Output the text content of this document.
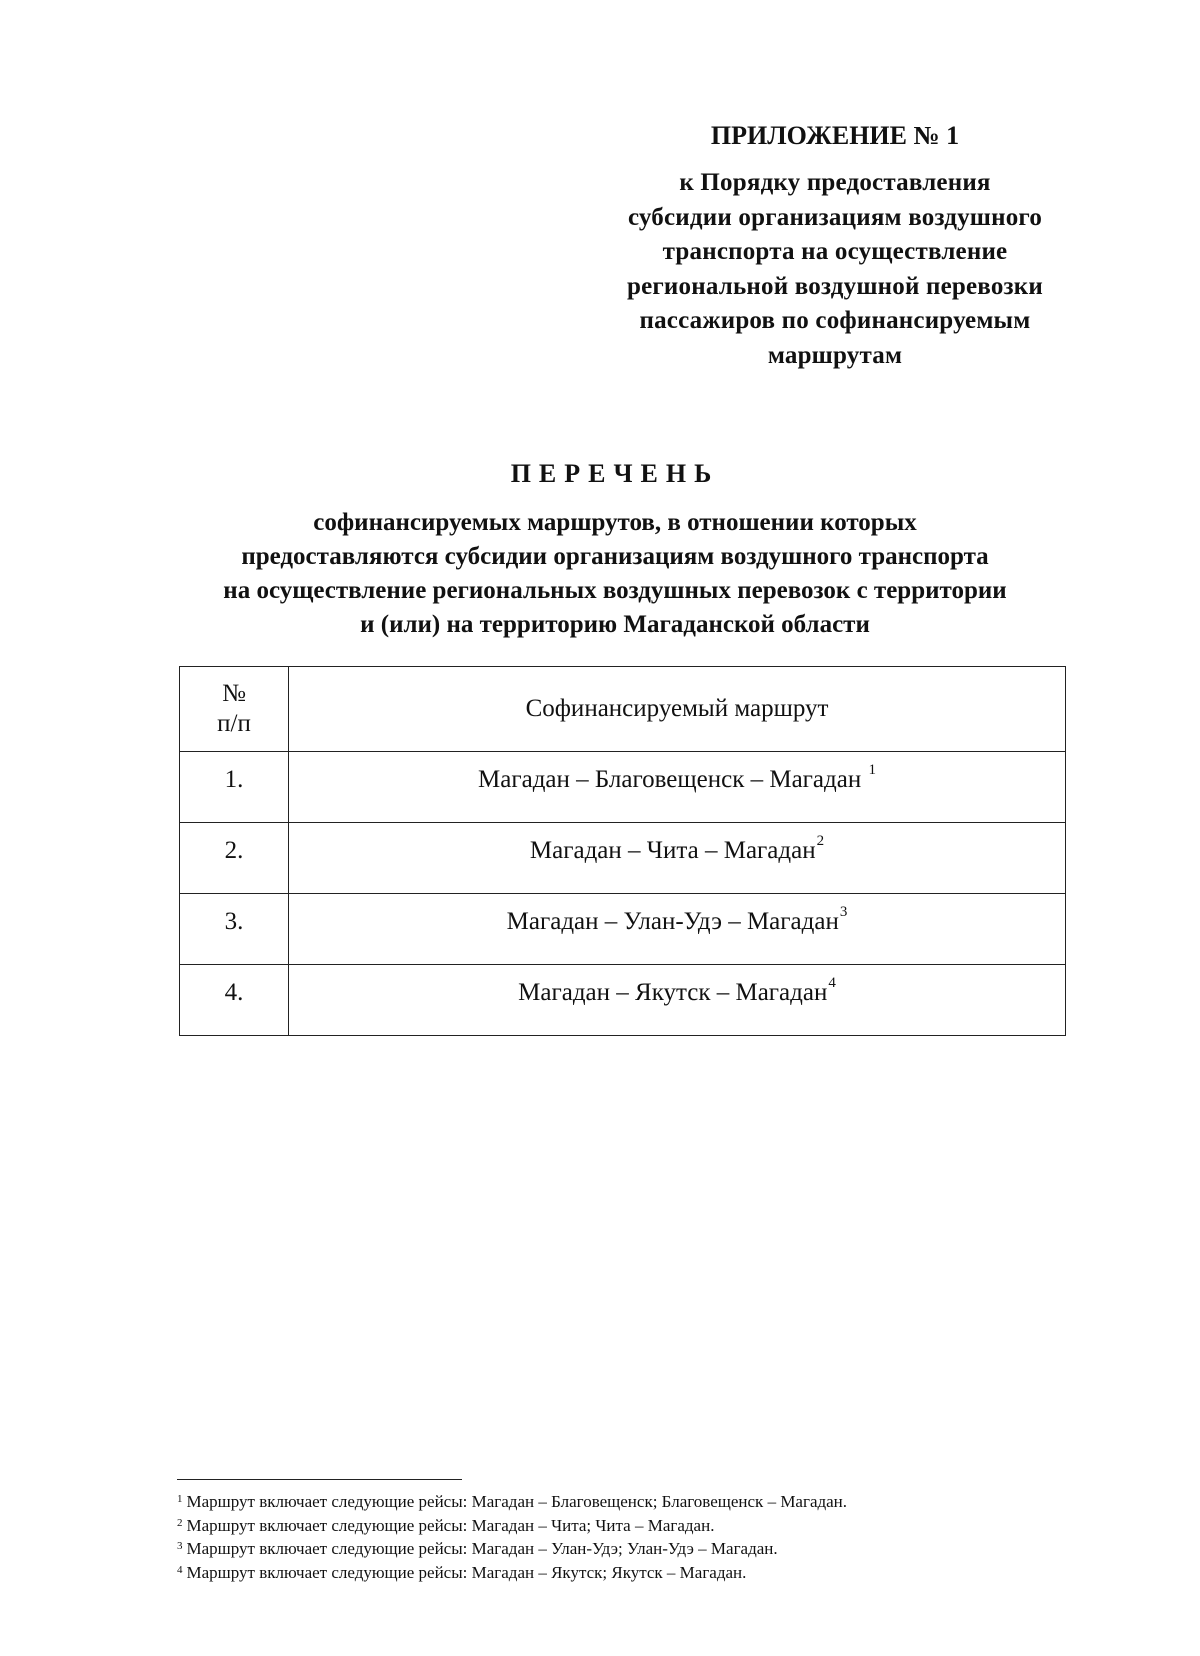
ПРИЛОЖЕНИЕ № 1
к Порядку предоставления
субсидии организациям воздушного
транспорта на осуществление
региональной воздушной перевозки
пассажиров по софинансируемым
маршрутам
ПЕРЕЧЕНЬ
софинансируемых маршрутов, в отношении которых
предоставляются субсидии организациям воздушного транспорта
на осуществление региональных воздушных перевозок с территории
и (или) на территорию Магаданской области
№
п/п	Софинансируемый маршрут
1.	Магадан – Благовещенск – Магадан $^1$
2.	Магадан – Чита – Магадан$^2$
3.	Магадан – Улан-Удэ – Магадан$^3$
4.	Магадан – Якутск – Магадан$^4$
$^1$ Маршрут включает следующие рейсы: Магадан – Благовещенск; Благовещенск – Магадан.
$^2$ Маршрут включает следующие рейсы: Магадан – Чита; Чита – Магадан.
$^3$ Маршрут включает следующие рейсы: Магадан – Улан-Удэ; Улан-Удэ – Магадан.
$^4$ Маршрут включает следующие рейсы: Магадан – Якутск; Якутск – Магадан.
